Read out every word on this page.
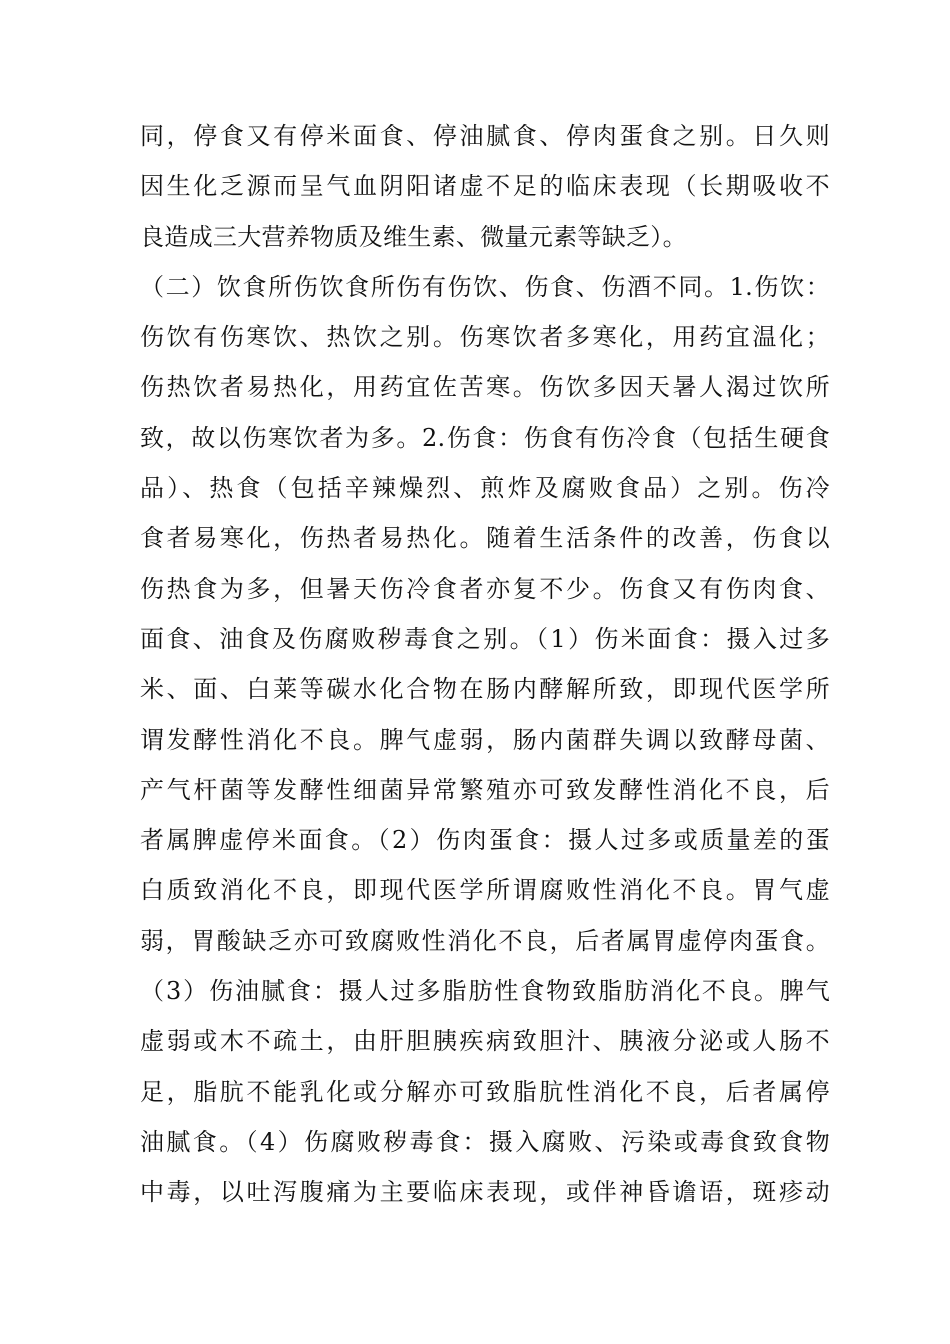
同，停食又有停米面食、停油腻食、停肉蛋食之别。日久则
因生化乏源而呈气血阴阳诸虚不足的临床表现（长期吸收不
良造成三大营养物质及维生素、微量元素等缺乏）。
（二）饮食所伤饮食所伤有伤饮、伤食、伤酒不同。1.伤饮：
伤饮有伤寒饮、热饮之别。伤寒饮者多寒化，用药宜温化；
伤热饮者易热化，用药宜佐苦寒。伤饮多因天暑人渴过饮所
致，故以伤寒饮者为多。2.伤食：伤食有伤冷食（包括生硬食
品）、热食（包括辛辣燥烈、煎炸及腐败食品）之别。伤冷
食者易寒化，伤热者易热化。随着生活条件的改善，伤食以
伤热食为多，但暑天伤冷食者亦复不少。伤食又有伤肉食、
面食、油食及伤腐败秽毒食之别。（1）伤米面食：摄入过多
米、面、白莱等碳水化合物在肠内酵解所致，即现代医学所
谓发酵性消化不良。脾气虚弱，肠内菌群失调以致酵母菌、
产气杆菌等发酵性细菌异常繁殖亦可致发酵性消化不良，后
者属脾虚停米面食。（2）伤肉蛋食：摄人过多或质量差的蛋
白质致消化不良，即现代医学所谓腐败性消化不良。胃气虚
弱，胃酸缺乏亦可致腐败性消化不良，后者属胃虚停肉蛋食。
（3）伤油腻食：摄人过多脂肪性食物致脂肪消化不良。脾气
虚弱或木不疏土，由肝胆胰疾病致胆汁、胰液分泌或人肠不
足，脂肮不能乳化或分解亦可致脂肮性消化不良，后者属停
油腻食。（4）伤腐败秽毒食：摄入腐败、污染或毒食致食物
中毒，以吐泻腹痛为主要临床表现，或伴神昏谵语，斑疹动
